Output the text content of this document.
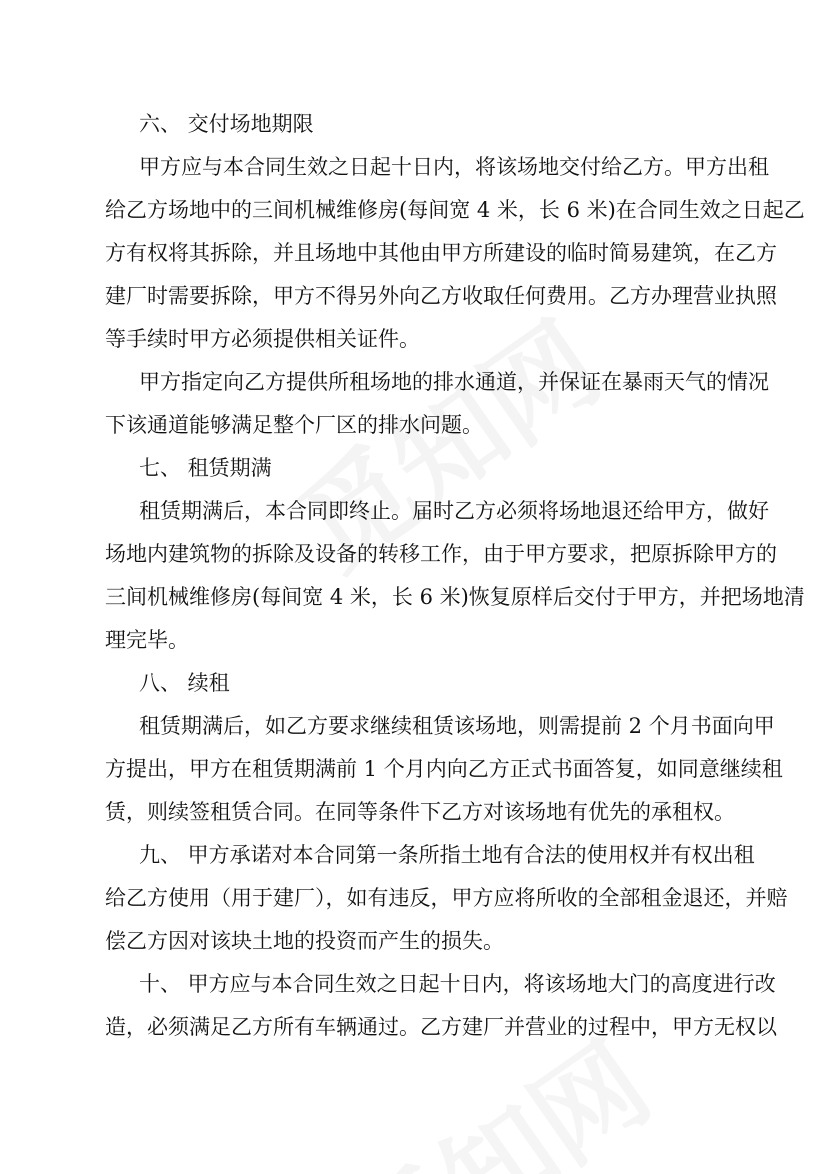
六、 交付场地期限
甲方应与本合同生效之日起十日内，将该场地交付给乙方。甲方出租
给乙方场地中的三间机械维修房(每间宽 4 米，长 6 米)在合同生效之日起乙
方有权将其拆除，并且场地中其他由甲方所建设的临时简易建筑，在乙方
建厂时需要拆除，甲方不得另外向乙方收取任何费用。乙方办理营业执照
等手续时甲方必须提供相关证件。
甲方指定向乙方提供所租场地的排水通道，并保证在暴雨天气的情况
下该通道能够满足整个厂区的排水问题。
七、 租赁期满
租赁期满后，本合同即终止。届时乙方必须将场地退还给甲方，做好
场地内建筑物的拆除及设备的转移工作，由于甲方要求，把原拆除甲方的
三间机械维修房(每间宽 4 米，长 6 米)恢复原样后交付于甲方，并把场地清
理完毕。
八、 续租
租赁期满后，如乙方要求继续租赁该场地，则需提前 2 个月书面向甲
方提出，甲方在租赁期满前 1 个月内向乙方正式书面答复，如同意继续租
赁，则续签租赁合同。在同等条件下乙方对该场地有优先的承租权。
九、 甲方承诺对本合同第一条所指土地有合法的使用权并有权出租
给乙方使用（用于建厂），如有违反，甲方应将所收的全部租金退还，并赔
偿乙方因对该块土地的投资而产生的损失。
十、 甲方应与本合同生效之日起十日内，将该场地大门的高度进行改
造，必须满足乙方所有车辆通过。乙方建厂并营业的过程中，甲方无权以
